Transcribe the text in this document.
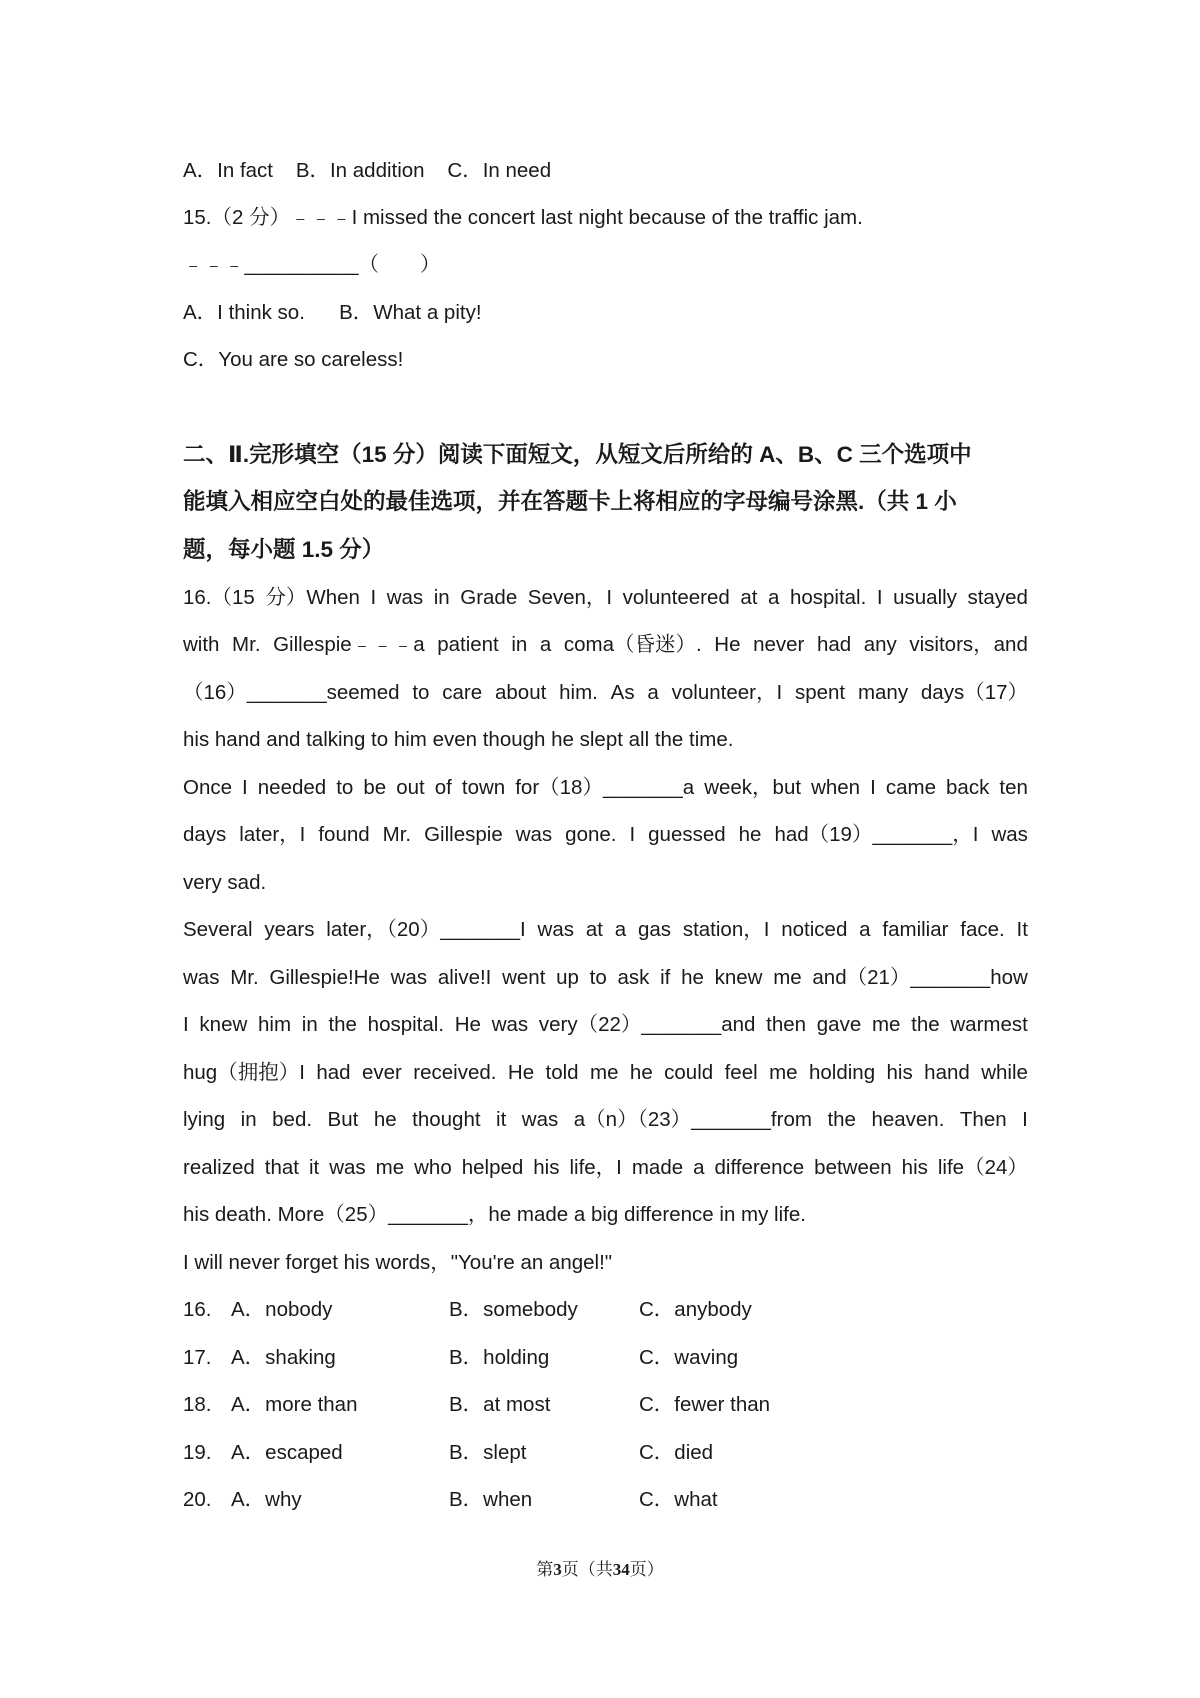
A．In fact B．In addition C．In need
15.（2 分）﹣﹣﹣I missed the concert last night because of the traffic jam.
﹣﹣﹣__________（　　）
A．I think so. B．What a pity!
C．You are so careless!
二、Ⅱ.完形填空（15 分）阅读下面短文，从短文后所给的 A、B、C 三个选项中
能填入相应空白处的最佳选项，并在答题卡上将相应的字母编号涂黑.（共 1 小
题，每小题 1.5 分）
16.（15 分）When I was in Grade Seven，I volunteered at a hospital. I usually stayed
with Mr. Gillespie﹣﹣﹣a patient in a coma（昏迷）. He never had any visitors，and
（16）_______seemed to care about him. As a volunteer，I spent many days（17）
his hand and talking to him even though he slept all the time.
Once I needed to be out of town for（18）_______a week，but when I came back ten
days later，I found Mr. Gillespie was gone. I guessed he had（19）_______，I was
very sad.
Several years later，（20）_______I was at a gas station，I noticed a familiar face. It
was Mr. Gillespie!He was alive!I went up to ask if he knew me and（21）_______how
I knew him in the hospital. He was very（22）_______and then gave me the warmest
hug（拥抱）I had ever received. He told me he could feel me holding his hand while
lying in bed. But he thought it was a（n）（23）_______from the heaven. Then I
realized that it was me who helped his life，I made a difference between his life（24）
his death. More（25）_______，he made a big difference in my life.
I will never forget his words，"You're an angel!"
16. A．nobody	B．somebody	C．anybody
17. A．shaking	B．holding	C．waving
18. A．more than	B．at most	C．fewer than
19. A．escaped	B．slept	C．died
20. A．why	B．when	C．what
第3页（共34页）
